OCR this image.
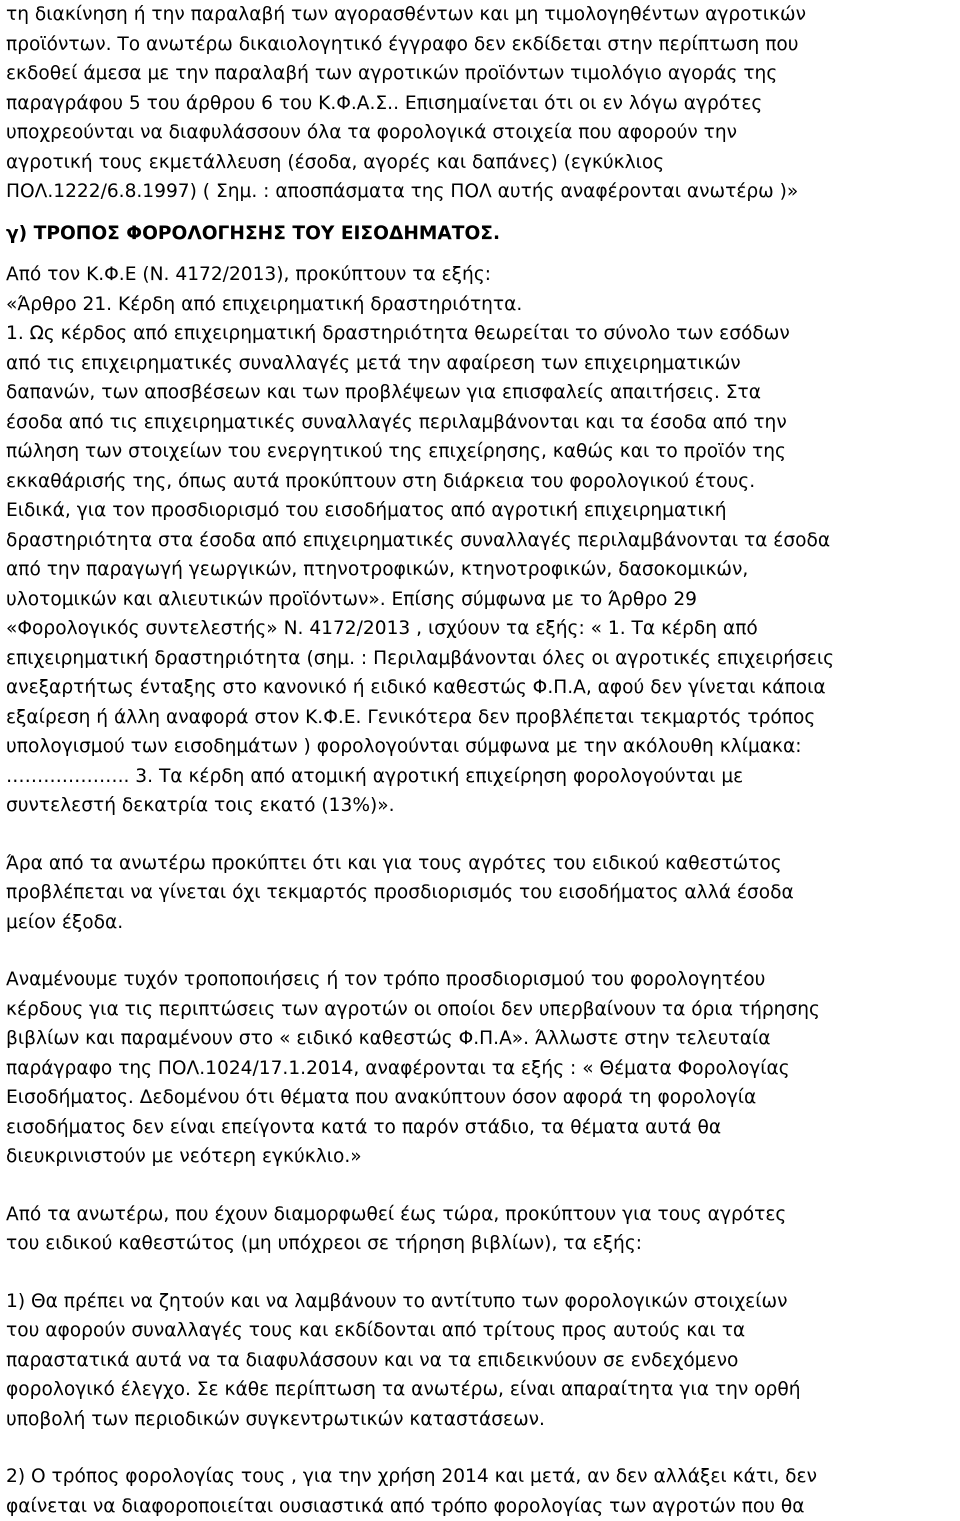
τη διακίνηση ή την παραλαβή των αγορασθέντων και μη τιμολογηθέντων αγροτικών
προϊόντων. Το ανωτέρω δικαιολογητικό έγγραφο δεν εκδίδεται στην περίπτωση που
εκδοθεί άμεσα με την παραλαβή των αγροτικών προϊόντων τιμολόγιο αγοράς της
παραγράφου 5 του άρθρου 6 του Κ.Φ.Α.Σ.. Επισημαίνεται ότι οι εν λόγω αγρότες
υποχρεούνται να διαφυλάσσουν όλα τα φορολογικά στοιχεία που αφορούν την
αγροτική τους εκμετάλλευση (έσοδα, αγορές και δαπάνες) (εγκύκλιος
ΠΟΛ.1222/6.8.1997) ( Σημ. : αποσπάσματα της ΠΟΛ αυτής αναφέρονται ανωτέρω )»
γ) ΤΡΟΠΟΣ ΦΟΡΟΛΟΓΗΣΗΣ ΤΟΥ ΕΙΣΟΔΗΜΑΤΟΣ.
Από τον Κ.Φ.Ε (Ν. 4172/2013), προκύπτουν τα εξής:
«Άρθρο 21. Κέρδη από επιχειρηματική δραστηριότητα.
1. Ως κέρδος από επιχειρηματική δραστηριότητα θεωρείται το σύνολο των εσόδων
από τις επιχειρηματικές συναλλαγές μετά την αφαίρεση των επιχειρηματικών
δαπανών, των αποσβέσεων και των προβλέψεων για επισφαλείς απαιτήσεις. Στα
έσοδα από τις επιχειρηματικές συναλλαγές περιλαμβάνονται και τα έσοδα από την
πώληση των στοιχείων του ενεργητικού της επιχείρησης, καθώς και το προϊόν της
εκκαθάρισής της, όπως αυτά προκύπτουν στη διάρκεια του φορολογικού έτους.
Ειδικά, για τον προσδιορισμό του εισοδήματος από αγροτική επιχειρηματική
δραστηριότητα στα έσοδα από επιχειρηματικές συναλλαγές περιλαμβάνονται τα έσοδα
από την παραγωγή γεωργικών, πτηνοτροφικών, κτηνοτροφικών, δασοκομικών,
υλοτομικών και αλιευτικών προϊόντων». Επίσης σύμφωνα με το Άρθρο 29
«Φορολογικός συντελεστής» Ν. 4172/2013 , ισχύουν τα εξής: « 1. Τα κέρδη από
επιχειρηματική δραστηριότητα (σημ. : Περιλαμβάνονται όλες οι αγροτικές επιχειρήσεις
ανεξαρτήτως ένταξης στο κανονικό ή ειδικό καθεστώς Φ.Π.Α, αφού δεν γίνεται κάποια
εξαίρεση ή άλλη αναφορά στον Κ.Φ.Ε. Γενικότερα δεν προβλέπεται τεκμαρτός τρόπος
υπολογισμού των εισοδημάτων ) φορολογούνται σύμφωνα με την ακόλουθη κλίμακα:
……………….. 3. Τα κέρδη από ατομική αγροτική επιχείρηση φορολογούνται με
συντελεστή δεκατρία τοις εκατό (13%)».
Άρα από τα ανωτέρω προκύπτει ότι και για τους αγρότες του ειδικού καθεστώτος
προβλέπεται να γίνεται όχι τεκμαρτός προσδιορισμός του εισοδήματος αλλά έσοδα
μείον έξοδα.
Αναμένουμε τυχόν τροποποιήσεις ή τον τρόπο προσδιορισμού του φορολογητέου
κέρδους για τις περιπτώσεις των αγροτών οι οποίοι δεν υπερβαίνουν τα όρια τήρησης
βιβλίων και παραμένουν στο « ειδικό καθεστώς Φ.Π.Α». Άλλωστε στην τελευταία
παράγραφο της ΠΟΛ.1024/17.1.2014, αναφέρονται τα εξής : « Θέματα Φορολογίας
Εισοδήματος. Δεδομένου ότι θέματα που ανακύπτουν όσον αφορά τη φορολογία
εισοδήματος δεν είναι επείγοντα κατά το παρόν στάδιο, τα θέματα αυτά θα
διευκρινιστούν με νεότερη εγκύκλιο.»
Από τα ανωτέρω, που έχουν διαμορφωθεί έως τώρα, προκύπτουν για τους αγρότες
του ειδικού καθεστώτος (μη υπόχρεοι σε τήρηση βιβλίων), τα εξής:
1) Θα πρέπει να ζητούν και να λαμβάνουν το αντίτυπο των φορολογικών στοιχείων
του αφορούν συναλλαγές τους και εκδίδονται από τρίτους προς αυτούς και τα
παραστατικά αυτά να τα διαφυλάσσουν και να τα επιδεικνύουν σε ενδεχόμενο
φορολογικό έλεγχο. Σε κάθε περίπτωση τα ανωτέρω, είναι απαραίτητα για την ορθή
υποβολή των περιοδικών συγκεντρωτικών καταστάσεων.
2) Ο τρόπος φορολογίας τους , για την χρήση 2014 και μετά, αν δεν αλλάξει κάτι, δεν
φαίνεται να διαφοροποιείται ουσιαστικά από τρόπο φορολογίας των αγροτών που θα
